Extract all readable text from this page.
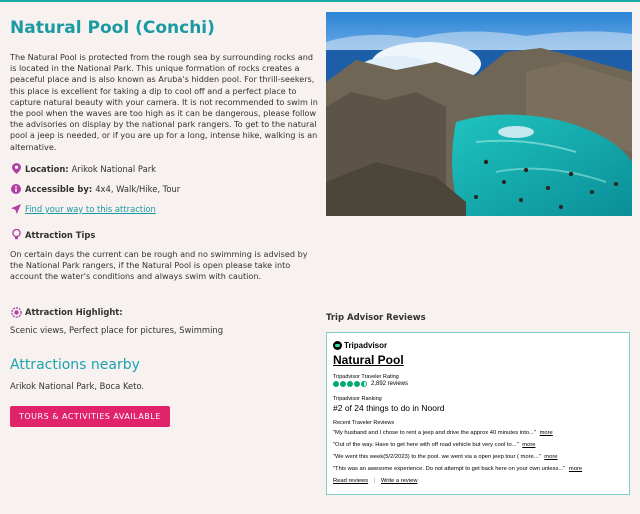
Natural Pool (Conchi)

The Natural Pool is protected from the rough sea by surrounding rocks and is located in the National Park. This unique formation of rocks creates a peaceful place and is also known as Aruba's hidden pool. For thrill-seekers, this place is excellent for taking a dip to cool off and a perfect place to capture natural beauty with your camera. It is not recommended to swim in the pool when the waves are too high as it can be dangerous, please follow the advisories on display by the national park rangers. To get to the natural pool a jeep is needed, or if you are up for a long, intense hike, walking is an alternative.

Location: Arikok National Park
Accessible by: 4x4, Walk/Hike, Tour
Find your way to this attraction
Attraction Tips
On certain days the current can be rough and no swimming is advised by the National Park rangers, if the Natural Pool is open please take into account the water's conditions and always swim with caution.
Attraction Highlight:
Scenic views, Perfect place for pictures, Swimming
Attractions nearby
Arikok National Park, Boca Keto.
TOURS & ACTIVITIES AVAILABLE
Trip Advisor Reviews
Tripadvisor
Natural Pool
Tripadvisor Traveler Rating
2,892 reviews
Tripadvisor Ranking
#2 of 24 things to do in Noord
Recent Traveler Reviews
"My husband and I chose to rent a jeep and drive the approx 40 minutes into..." more
"Out of the way. Have to get here with off road vehicle but very cool to..." more
"We went this week(5/2/2023) to the pool. we went via a open jeep tour ( more..." more
"This was an awesome experience. Do not attempt to get back here on your own unless..." more
Read reviews | Write a review
